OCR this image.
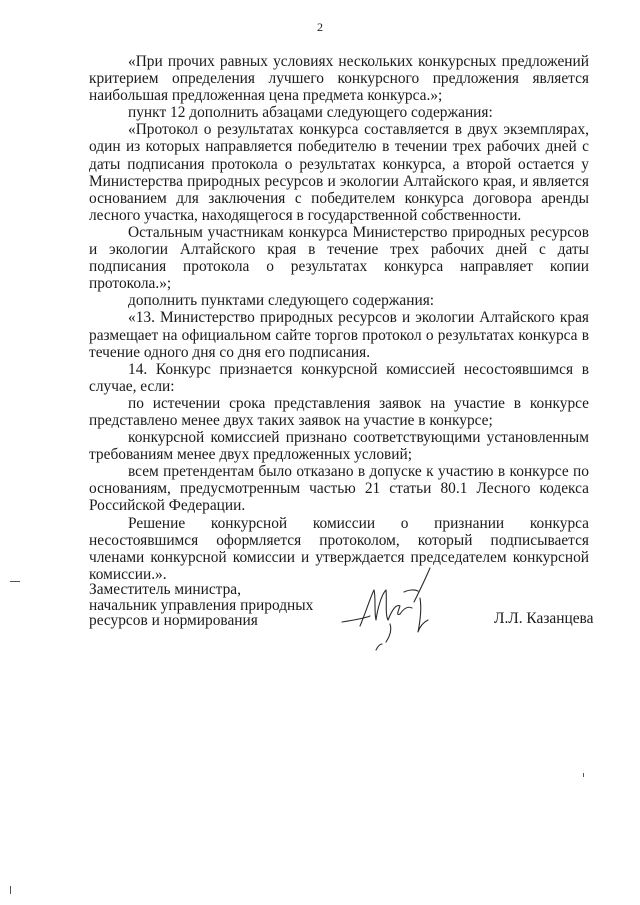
2

«При прочих равных условиях нескольких конкурсных предложений критерием определения лучшего конкурсного предложения является наибольшая предложенная цена предмета конкурса.»;

пункт 12 дополнить абзацами следующего содержания:

«Протокол о результатах конкурса составляется в двух экземплярах, один из которых направляется победителю в течении трех рабочих дней с даты подписания протокола о результатах конкурса, а второй остается у Министерства природных ресурсов и экологии Алтайского края, и является основанием для заключения с победителем конкурса договора аренды лесного участка, находящегося в государственной собственности.

Остальным участникам конкурса Министерство природных ресурсов и экологии Алтайского края в течение трех рабочих дней с даты подписания протокола о результатах конкурса направляет копии протокола.»;

дополнить пунктами следующего содержания:

«13. Министерство природных ресурсов и экологии Алтайского края размещает на официальном сайте торгов протокол о результатах конкурса в течение одного дня со дня его подписания.

14. Конкурс признается конкурсной комиссией несостоявшимся в случае, если:

по истечении срока представления заявок на участие в конкурсе представлено менее двух таких заявок на участие в конкурсе;

конкурсной комиссией признано соответствующими установленным требованиям менее двух предложенных условий;

всем претендентам было отказано в допуске к участию в конкурсе по основаниям, предусмотренным частью 21 статьи 80.1 Лесного кодекса Российской Федерации.

Решение конкурсной комиссии о признании конкурса несостоявшимся оформляется протоколом, который подписывается членами конкурсной комиссии и утверждается председателем конкурсной комиссии.».

Заместитель министра,
начальник управления природных
ресурсов и нормирования	Л.Л. Казанцева
